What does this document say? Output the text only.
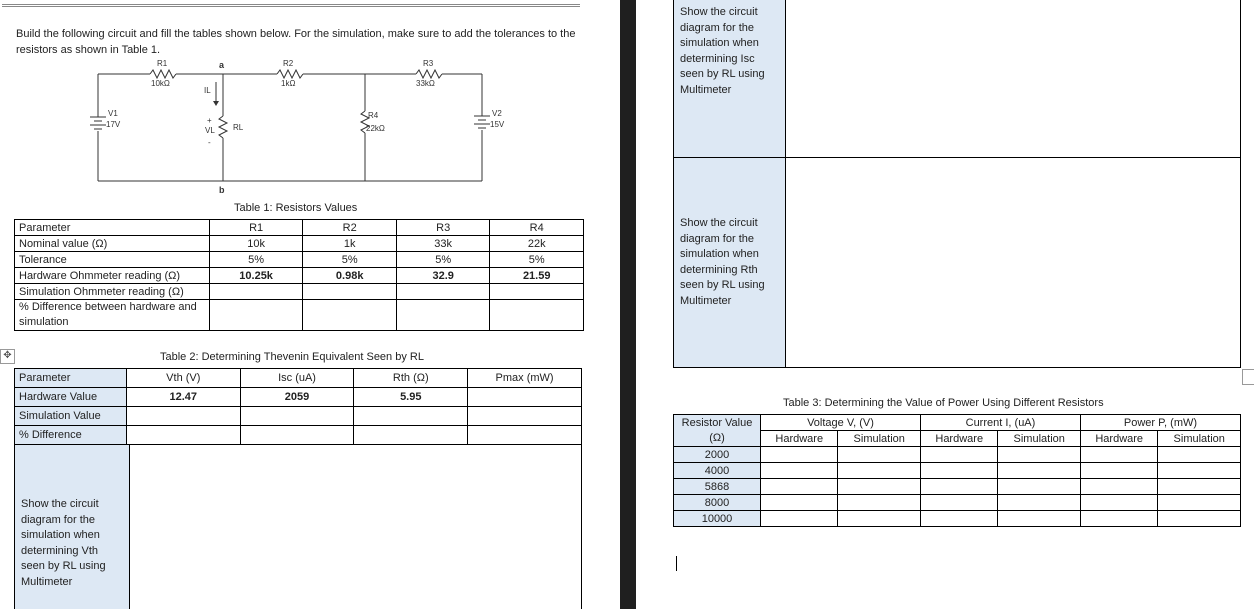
Build the following circuit and fill the tables shown below. For the simulation, make sure to add the tolerances to the resistors as shown in Table 1.
R1
10kΩ
R2
1kΩ
R3
33kΩ
R4
22kΩ
V1
17V
V2
15V
IL
VL RL
+
-
a
b
Table 1: Resistors Values
Parameter	R1	R2	R3	R4
Nominal value (Ω)	10k	1k	33k	22k
Tolerance	5%	5%	5%	5%
Hardware Ohmmeter reading (Ω)	10.25k	0.98k	32.9	21.59
Simulation Ohmmeter reading (Ω)				
% Difference between hardware and simulation				
✥	Table 2: Determining Thevenin Equivalent Seen by RL
Parameter	Vth (V)	Isc (uA)	Rth (Ω)	Pmax (mW)
Hardware Value	12.47	2059	5.95	
Simulation Value				
% Difference				
Show the circuit diagram for the simulation when determining Vth seen by RL using Multimeter	
Show the circuit diagram for the simulation when determining Isc seen by RL using Multimeter	
Show the circuit diagram for the simulation when determining Rth seen by RL using Multimeter	
Table 3: Determining the Value of Power Using Different Resistors
Resistor Value (Ω)	Voltage V, (V)		Current I, (uA)		Power P, (mW)	
	Hardware	Simulation	Hardware	Simulation	Hardware	Simulation
2000						
4000						
5868						
8000						
10000						
